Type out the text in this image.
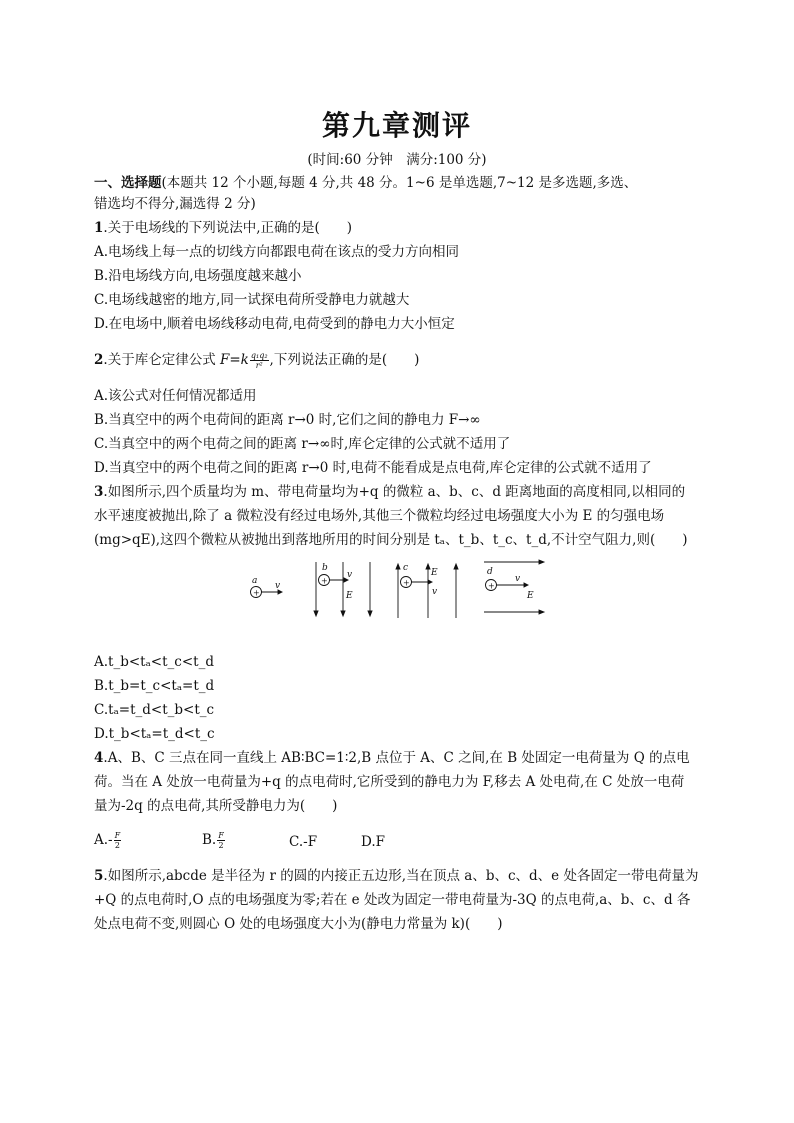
第九章测评
(时间:60 分钟　满分:100 分)
一、选择题(本题共 12 个小题,每题 4 分,共 48 分。1~6 是单选题,7~12 是多选题,多选、
错选均不得分,漏选得 2 分)
1.关于电场线的下列说法中,正确的是(　　)
A.电场线上每一点的切线方向都跟电荷在该点的受力方向相同
B.沿电场线方向,电场强度越来越小
C.电场线越密的地方,同一试探电荷所受静电力就越大
D.在电场中,顺着电场线移动电荷,电荷受到的静电力大小恒定
2.关于库仑定律公式 $F=k \frac{\text{q₁q₂}}{\text{r²}}$ ,下列说法正确的是(　　)
A.该公式对任何情况都适用
B.当真空中的两个电荷间的距离 r→0 时,它们之间的静电力 F→∞
C.当真空中的两个电荷之间的距离 r→∞时,库仑定律的公式就不适用了
D.当真空中的两个电荷之间的距离 r→0 时,电荷不能看成是点电荷,库仑定律的公式就不适用了
3.如图所示,四个质量均为 m、带电荷量均为+q 的微粒 a、b、c、d 距离地面的高度相同,以相同的
水平速度被抛出,除了 a 微粒没有经过电场外,其他三个微粒均经过电场强度大小为 E 的匀强电场
(mg>qE),这四个微粒从被抛出到落地所用的时间分别是 tₐ、t_b、t_c、t_d,不计空气阻力,则(　　)
a
+
v
b
+
v
E
c
+
E
v
d
+
v
E
A.t_b<tₐ<t_c<t_d
B.t_b=t_c<tₐ=t_d
C.tₐ=t_d<t_b<t_c
D.t_b<tₐ=t_d<t_c
4.A、B、C 三点在同一直线上 AB∶BC=1∶2,B 点位于 A、C 之间,在 B 处固定一电荷量为 Q 的点电
荷。当在 A 处放一电荷量为+q 的点电荷时,它所受到的静电力为 F,移去 A 处电荷,在 C 处放一电荷
量为-2q 的点电荷,其所受静电力为(　　)
$A.- \frac{F}{2}$	B. $\frac{F}{2}$	C.-F	D.F
5.如图所示,abcde 是半径为 r 的圆的内接正五边形,当在顶点 a、b、c、d、e 处各固定一带电荷量为
+Q 的点电荷时,O 点的电场强度为零;若在 e 处改为固定一带电荷量为-3Q 的点电荷,a、b、c、d 各
处点电荷不变,则圆心 O 处的电场强度大小为(静电力常量为 k)(　　)
